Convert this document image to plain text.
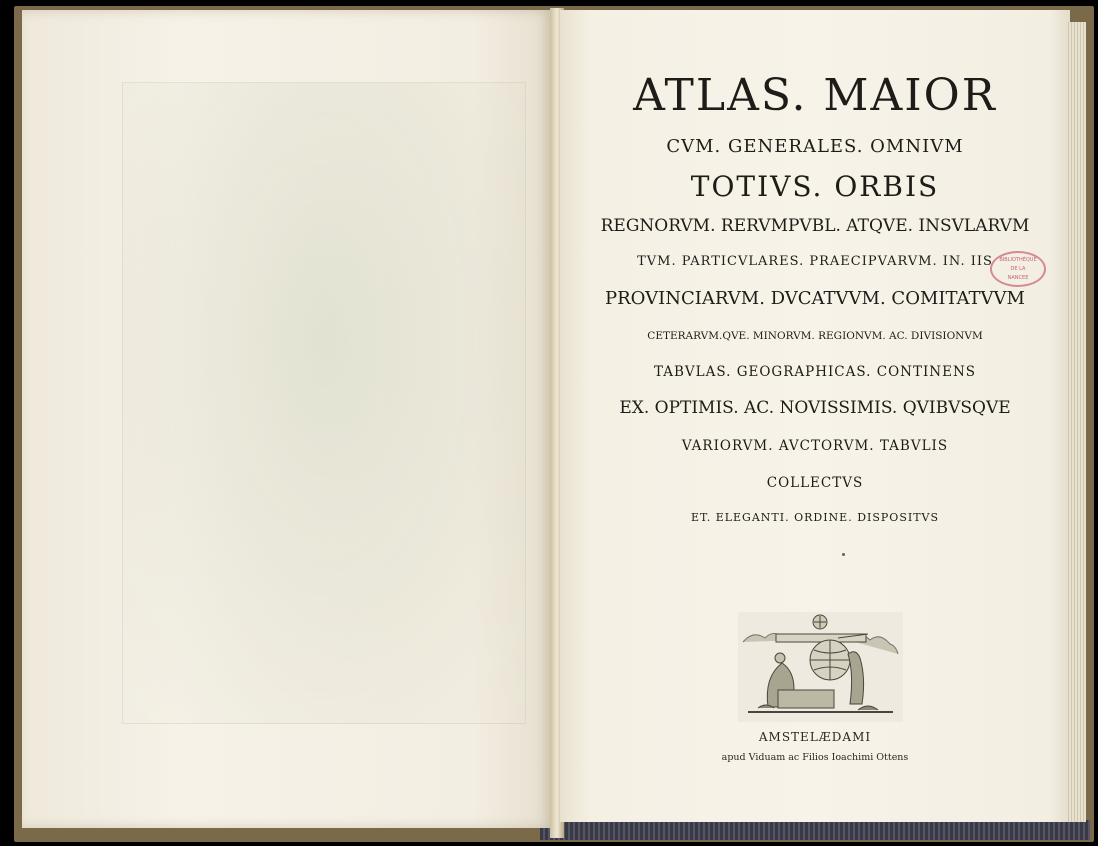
ATLAS. MAIOR
CVM. GENERALES. OMNIVM
TOTIVS. ORBIS
REGNORVM. RERVMPVBL. ATQVE. INSVLARVM
TVM. PARTICVLARES. PRAECIPVARVM. IN. IIS
PROVINCIARVM. DVCATVVM. COMITATVVM
CETERARVM.QVE. MINORVM. REGIONVM. AC. DIVISIONVM
TABVLAS. GEOGRAPHICAS. CONTINENS
EX. OPTIMIS. AC. NOVISSIMIS. QVIBVSQVE
VARIORVM. AVCTORVM. TABVLIS
COLLECTVS
ET. ELEGANTI. ORDINE. DISPOSITVS
BIBLIOTHÈQUE
DE LA
NANCEE
AMSTELÆDAMI
apud Viduam ac Filios Ioachimi Ottens
